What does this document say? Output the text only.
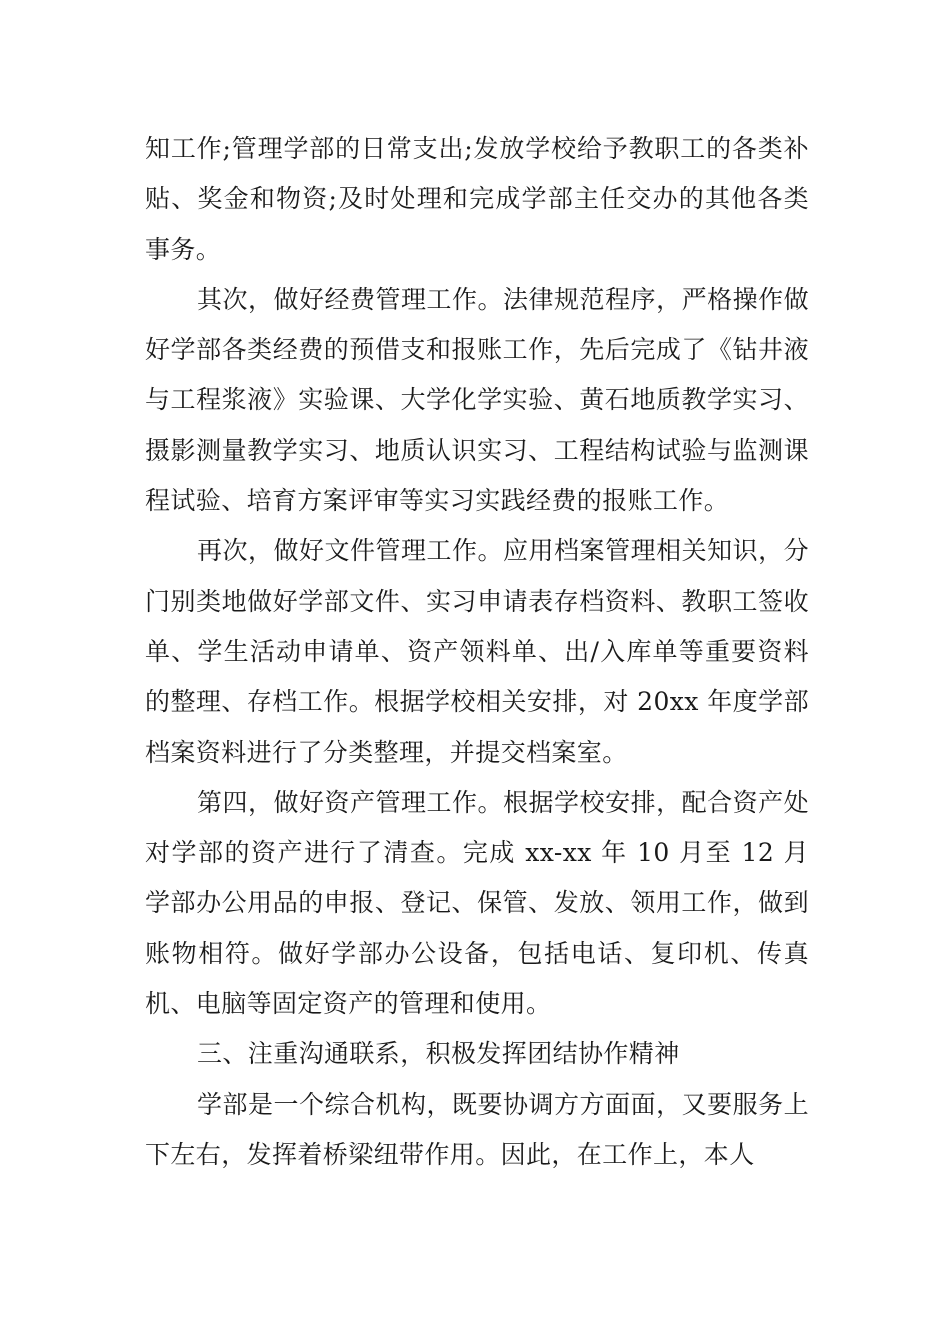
知工作;管理学部的日常支出;发放学校给予教职工的各类补贴、奖金和物资;及时处理和完成学部主任交办的其他各类事务。

其次，做好经费管理工作。法律规范程序，严格操作做好学部各类经费的预借支和报账工作，先后完成了《钻井液与工程浆液》实验课、大学化学实验、黄石地质教学实习、摄影测量教学实习、地质认识实习、工程结构试验与监测课程试验、培育方案评审等实习实践经费的报账工作。

再次，做好文件管理工作。应用档案管理相关知识，分门别类地做好学部文件、实习申请表存档资料、教职工签收单、学生活动申请单、资产领料单、出/入库单等重要资料的整理、存档工作。根据学校相关安排，对 20xx 年度学部档案资料进行了分类整理，并提交档案室。

第四，做好资产管理工作。根据学校安排，配合资产处对学部的资产进行了清查。完成 xx-xx 年 10 月至 12 月学部办公用品的申报、登记、保管、发放、领用工作，做到账物相符。做好学部办公设备，包括电话、复印机、传真机、电脑等固定资产的管理和使用。

三、注重沟通联系，积极发挥团结协作精神

学部是一个综合机构，既要协调方方面面，又要服务上下左右，发挥着桥梁纽带作用。因此，在工作上，本人
